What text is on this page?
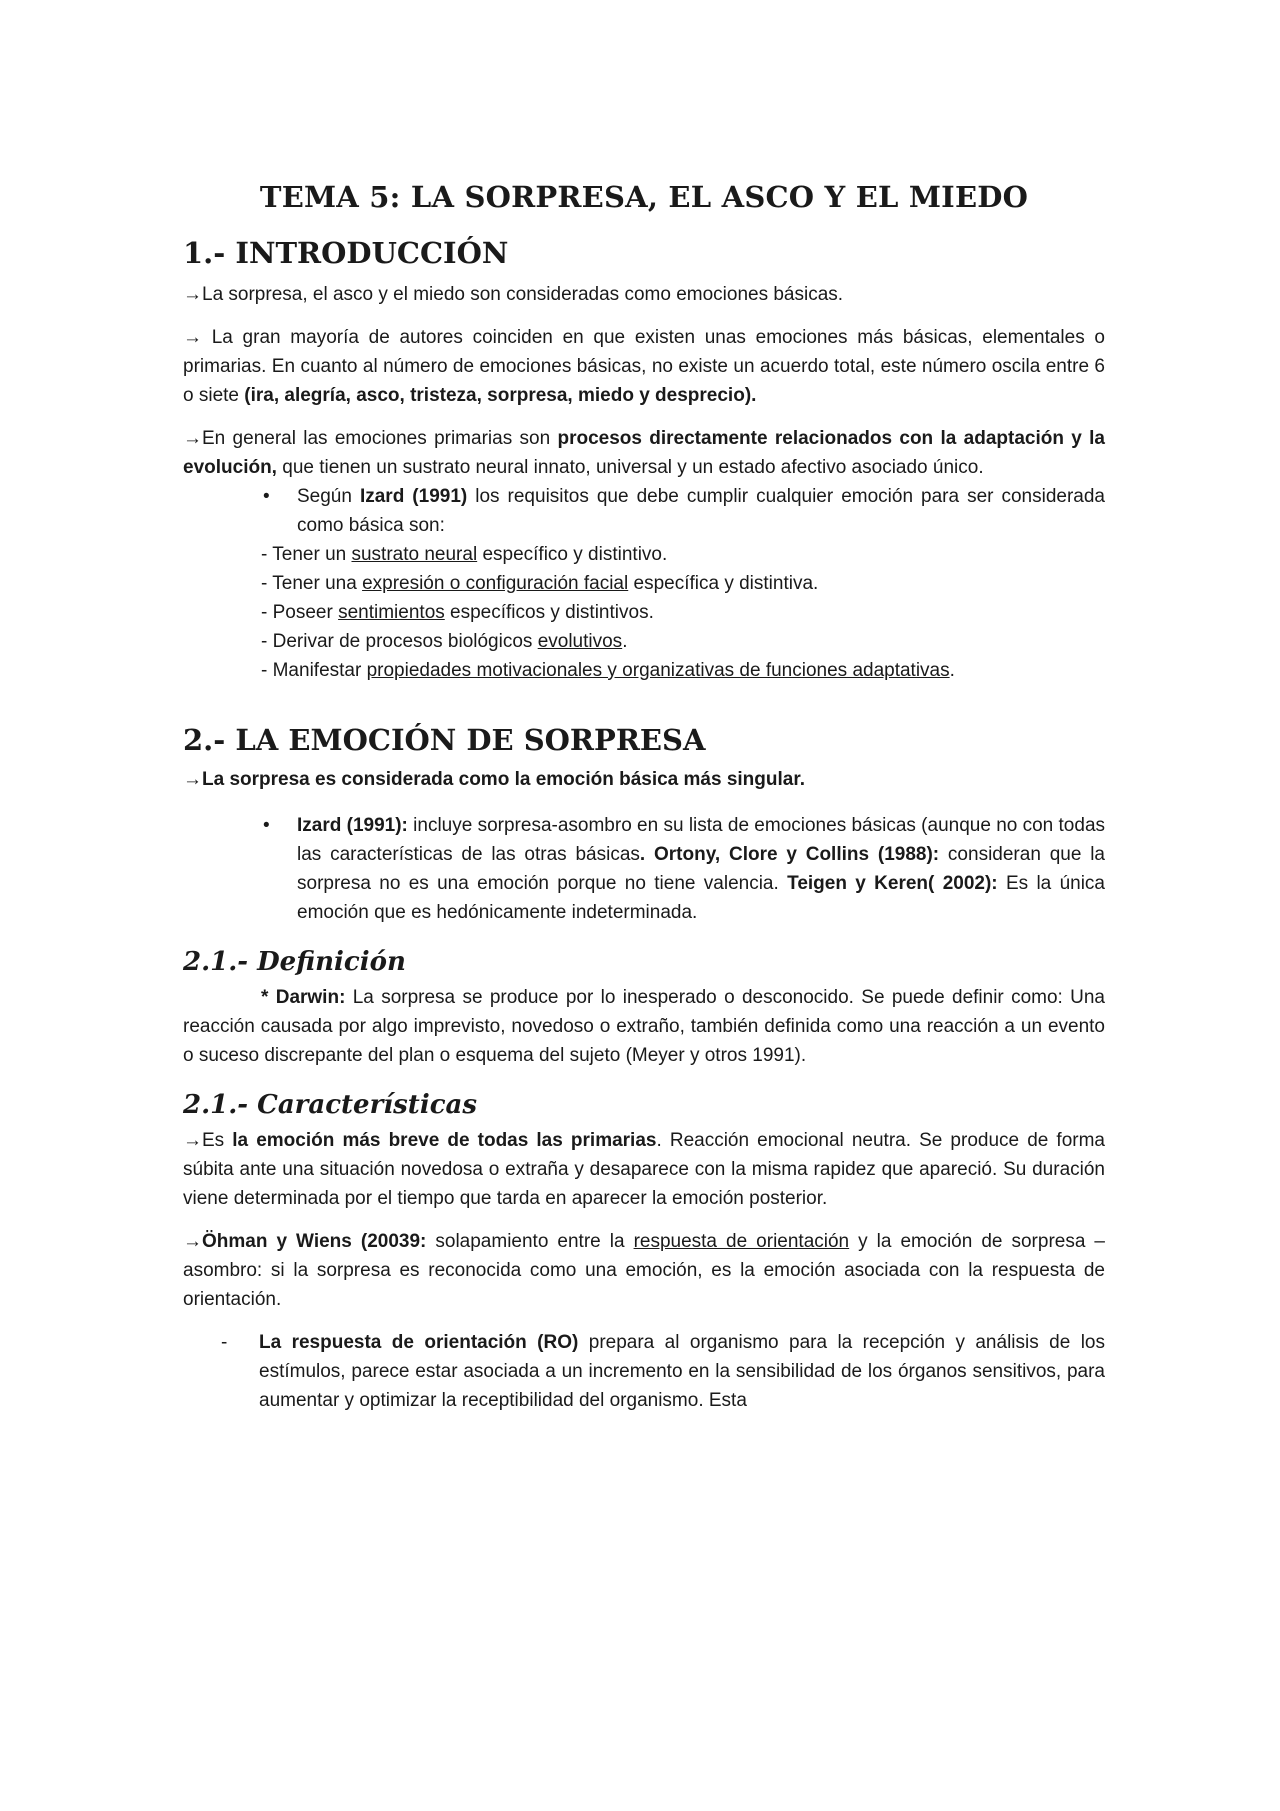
TEMA 5: LA SORPRESA, EL ASCO Y EL MIEDO
1.- INTRODUCCIÓN

→La sorpresa, el asco y el miedo son consideradas como emociones básicas.

→ La gran mayoría de autores coinciden en que existen unas emociones más básicas, elementales o primarias. En cuanto al número de emociones básicas, no existe un acuerdo total, este número oscila entre 6 o siete (ira, alegría, asco, tristeza, sorpresa, miedo y desprecio).

→En general las emociones primarias son procesos directamente relacionados con la adaptación y la evolución, que tienen un sustrato neural innato, universal y un estado afectivo asociado único.

• Según Izard (1991) los requisitos que debe cumplir cualquier emoción para ser considerada como básica son:

- Tener un sustrato neural específico y distintivo.
- Tener una expresión o configuración facial específica y distintiva.
- Poseer sentimientos específicos y distintivos.
- Derivar de procesos biológicos evolutivos.
- Manifestar propiedades motivacionales y organizativas de funciones adaptativas.
2.- LA EMOCIÓN DE SORPRESA

→La sorpresa es considerada como la emoción básica más singular.

• Izard (1991): incluye sorpresa-asombro en su lista de emociones básicas (aunque no con todas las características de las otras básicas. Ortony, Clore y Collins (1988): consideran que la sorpresa no es una emoción porque no tiene valencia. Teigen y Keren( 2002): Es la única emoción que es hedónicamente indeterminada.

2.1.- Definición

* Darwin: La sorpresa se produce por lo inesperado o desconocido. Se puede definir como: Una reacción causada por algo imprevisto, novedoso o extraño, también definida como una reacción a un evento o suceso discrepante del plan o esquema del sujeto (Meyer y otros 1991).

2.1.- Características

→Es la emoción más breve de todas las primarias. Reacción emocional neutra. Se produce de forma súbita ante una situación novedosa o extraña y desaparece con la misma rapidez que apareció. Su duración viene determinada por el tiempo que tarda en aparecer la emoción posterior.

→Öhman y Wiens (20039: solapamiento entre la respuesta de orientación y la emoción de sorpresa – asombro: si la sorpresa es reconocida como una emoción, es la emoción asociada con la respuesta de orientación.

- La respuesta de orientación (RO) prepara al organismo para la recepción y análisis de los estímulos, parece estar asociada a un incremento en la sensibilidad de los órganos sensitivos, para aumentar y optimizar la receptibilidad del organismo. Esta
